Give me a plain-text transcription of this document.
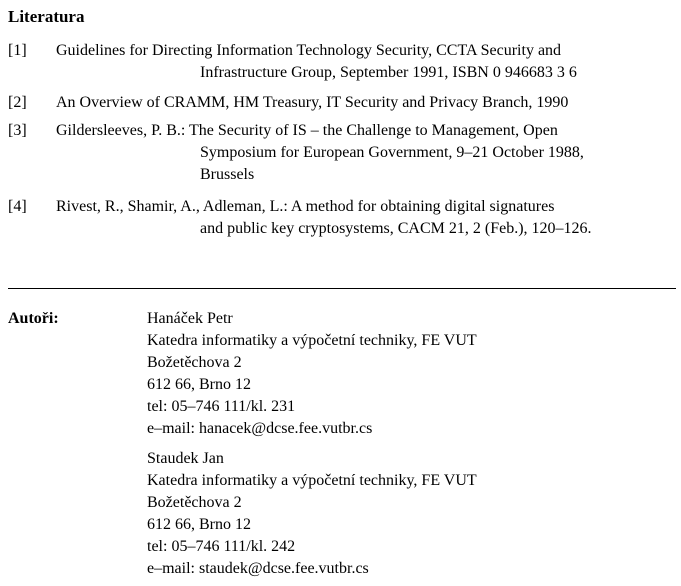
Literatura
[1]	Guidelines for Directing Information Technology Security, CCTA Security and
Infrastructure Group, September 1991, ISBN 0 946683 3 6
[2]	An Overview of CRAMM, HM Treasury, IT Security and Privacy Branch, 1990
[3]	Gildersleeves, P. B.: The Security of IS – the Challenge to Management, Open
Symposium for European Government, 9–21 October 1988,
Brussels
[4]	Rivest, R., Shamir, A., Adleman, L.: A method for obtaining digital signatures
and public key cryptosystems, CACM 21, 2 (Feb.), 120–126.
Autoři:	Hanáček Petr
Katedra informatiky a výpočetní techniky, FE VUT
Božetěchova 2
612 66, Brno 12
tel: 05–746 111/kl. 231
e–mail: hanacek@dcse.fee.vutbr.cs
Staudek Jan
Katedra informatiky a výpočetní techniky, FE VUT
Božetěchova 2
612 66, Brno 12
tel: 05–746 111/kl. 242
e–mail: staudek@dcse.fee.vutbr.cs
